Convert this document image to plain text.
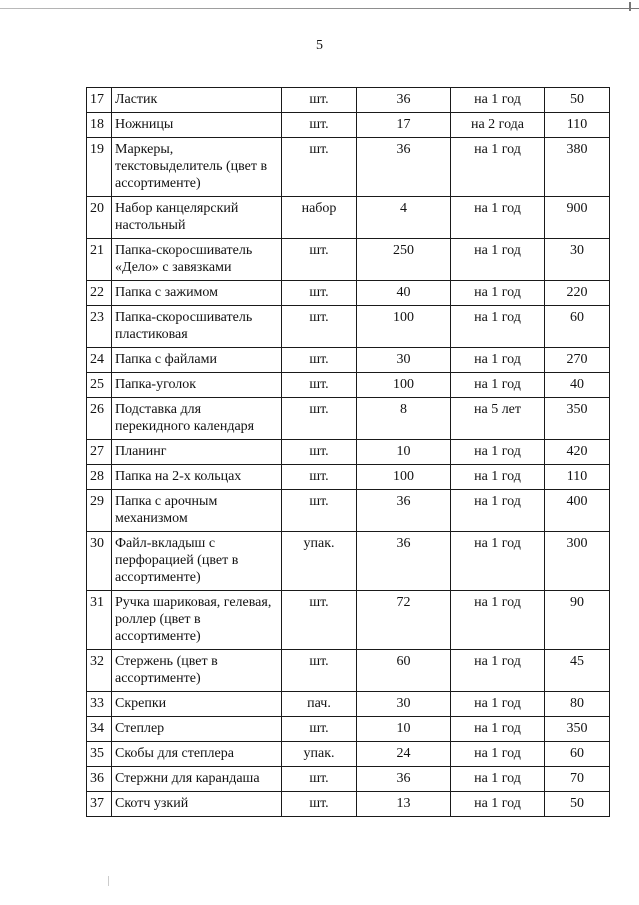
5
17	Ластик	шт.	36	на 1 год	50
18	Ножницы	шт.	17	на 2 года	110
19	Маркеры, текстовыделитель (цвет в ассортименте)	шт.	36	на 1 год	380
20	Набор канцелярский настольный	набор	4	на 1 год	900
21	Папка-скоросшиватель «Дело» с завязками	шт.	250	на 1 год	30
22	Папка с зажимом	шт.	40	на 1 год	220
23	Папка-скоросшиватель пластиковая	шт.	100	на 1 год	60
24	Папка с файлами	шт.	30	на 1 год	270
25	Папка-уголок	шт.	100	на 1 год	40
26	Подставка для перекидного календаря	шт.	8	на 5 лет	350
27	Планинг	шт.	10	на 1 год	420
28	Папка на 2-х кольцах	шт.	100	на 1 год	110
29	Папка с арочным механизмом	шт.	36	на 1 год	400
30	Файл-вкладыш с перфорацией (цвет в ассортименте)	упак.	36	на 1 год	300
31	Ручка шариковая, гелевая, роллер (цвет в ассортименте)	шт.	72	на 1 год	90
32	Стержень (цвет в ассортименте)	шт.	60	на 1 год	45
33	Скрепки	пач.	30	на 1 год	80
34	Степлер	шт.	10	на 1 год	350
35	Скобы для степлера	упак.	24	на 1 год	60
36	Стержни для карандаша	шт.	36	на 1 год	70
37	Скотч узкий	шт.	13	на 1 год	50
